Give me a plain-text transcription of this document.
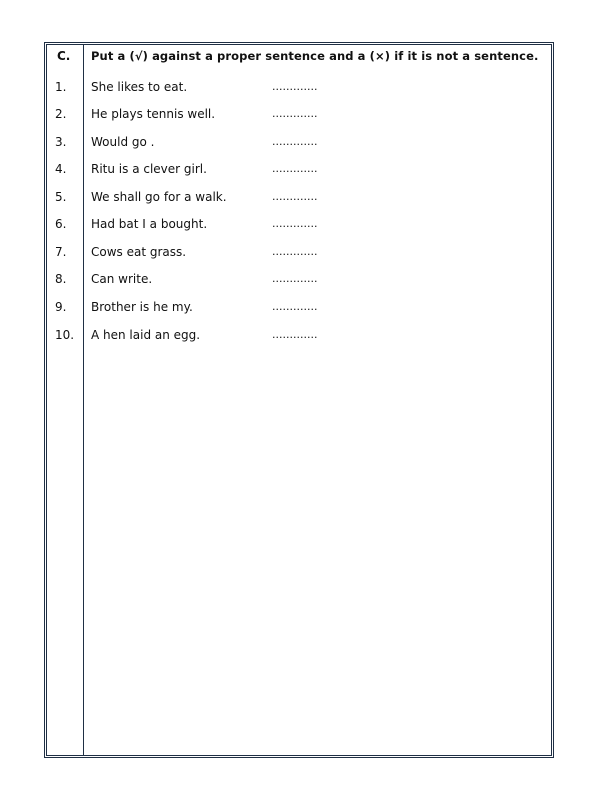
C. Put a (√) against a proper sentence and a (×) if it is not a sentence.
1. She likes to eat.	.............
2. He plays tennis well.	.............
3. Would go .	.............
4. Ritu is a clever girl.	.............
5. We shall go for a walk.	.............
6. Had bat I a bought.	.............
7. Cows eat grass.	.............
8. Can write.	.............
9. Brother is he my.	.............
10. A hen laid an egg.	.............
